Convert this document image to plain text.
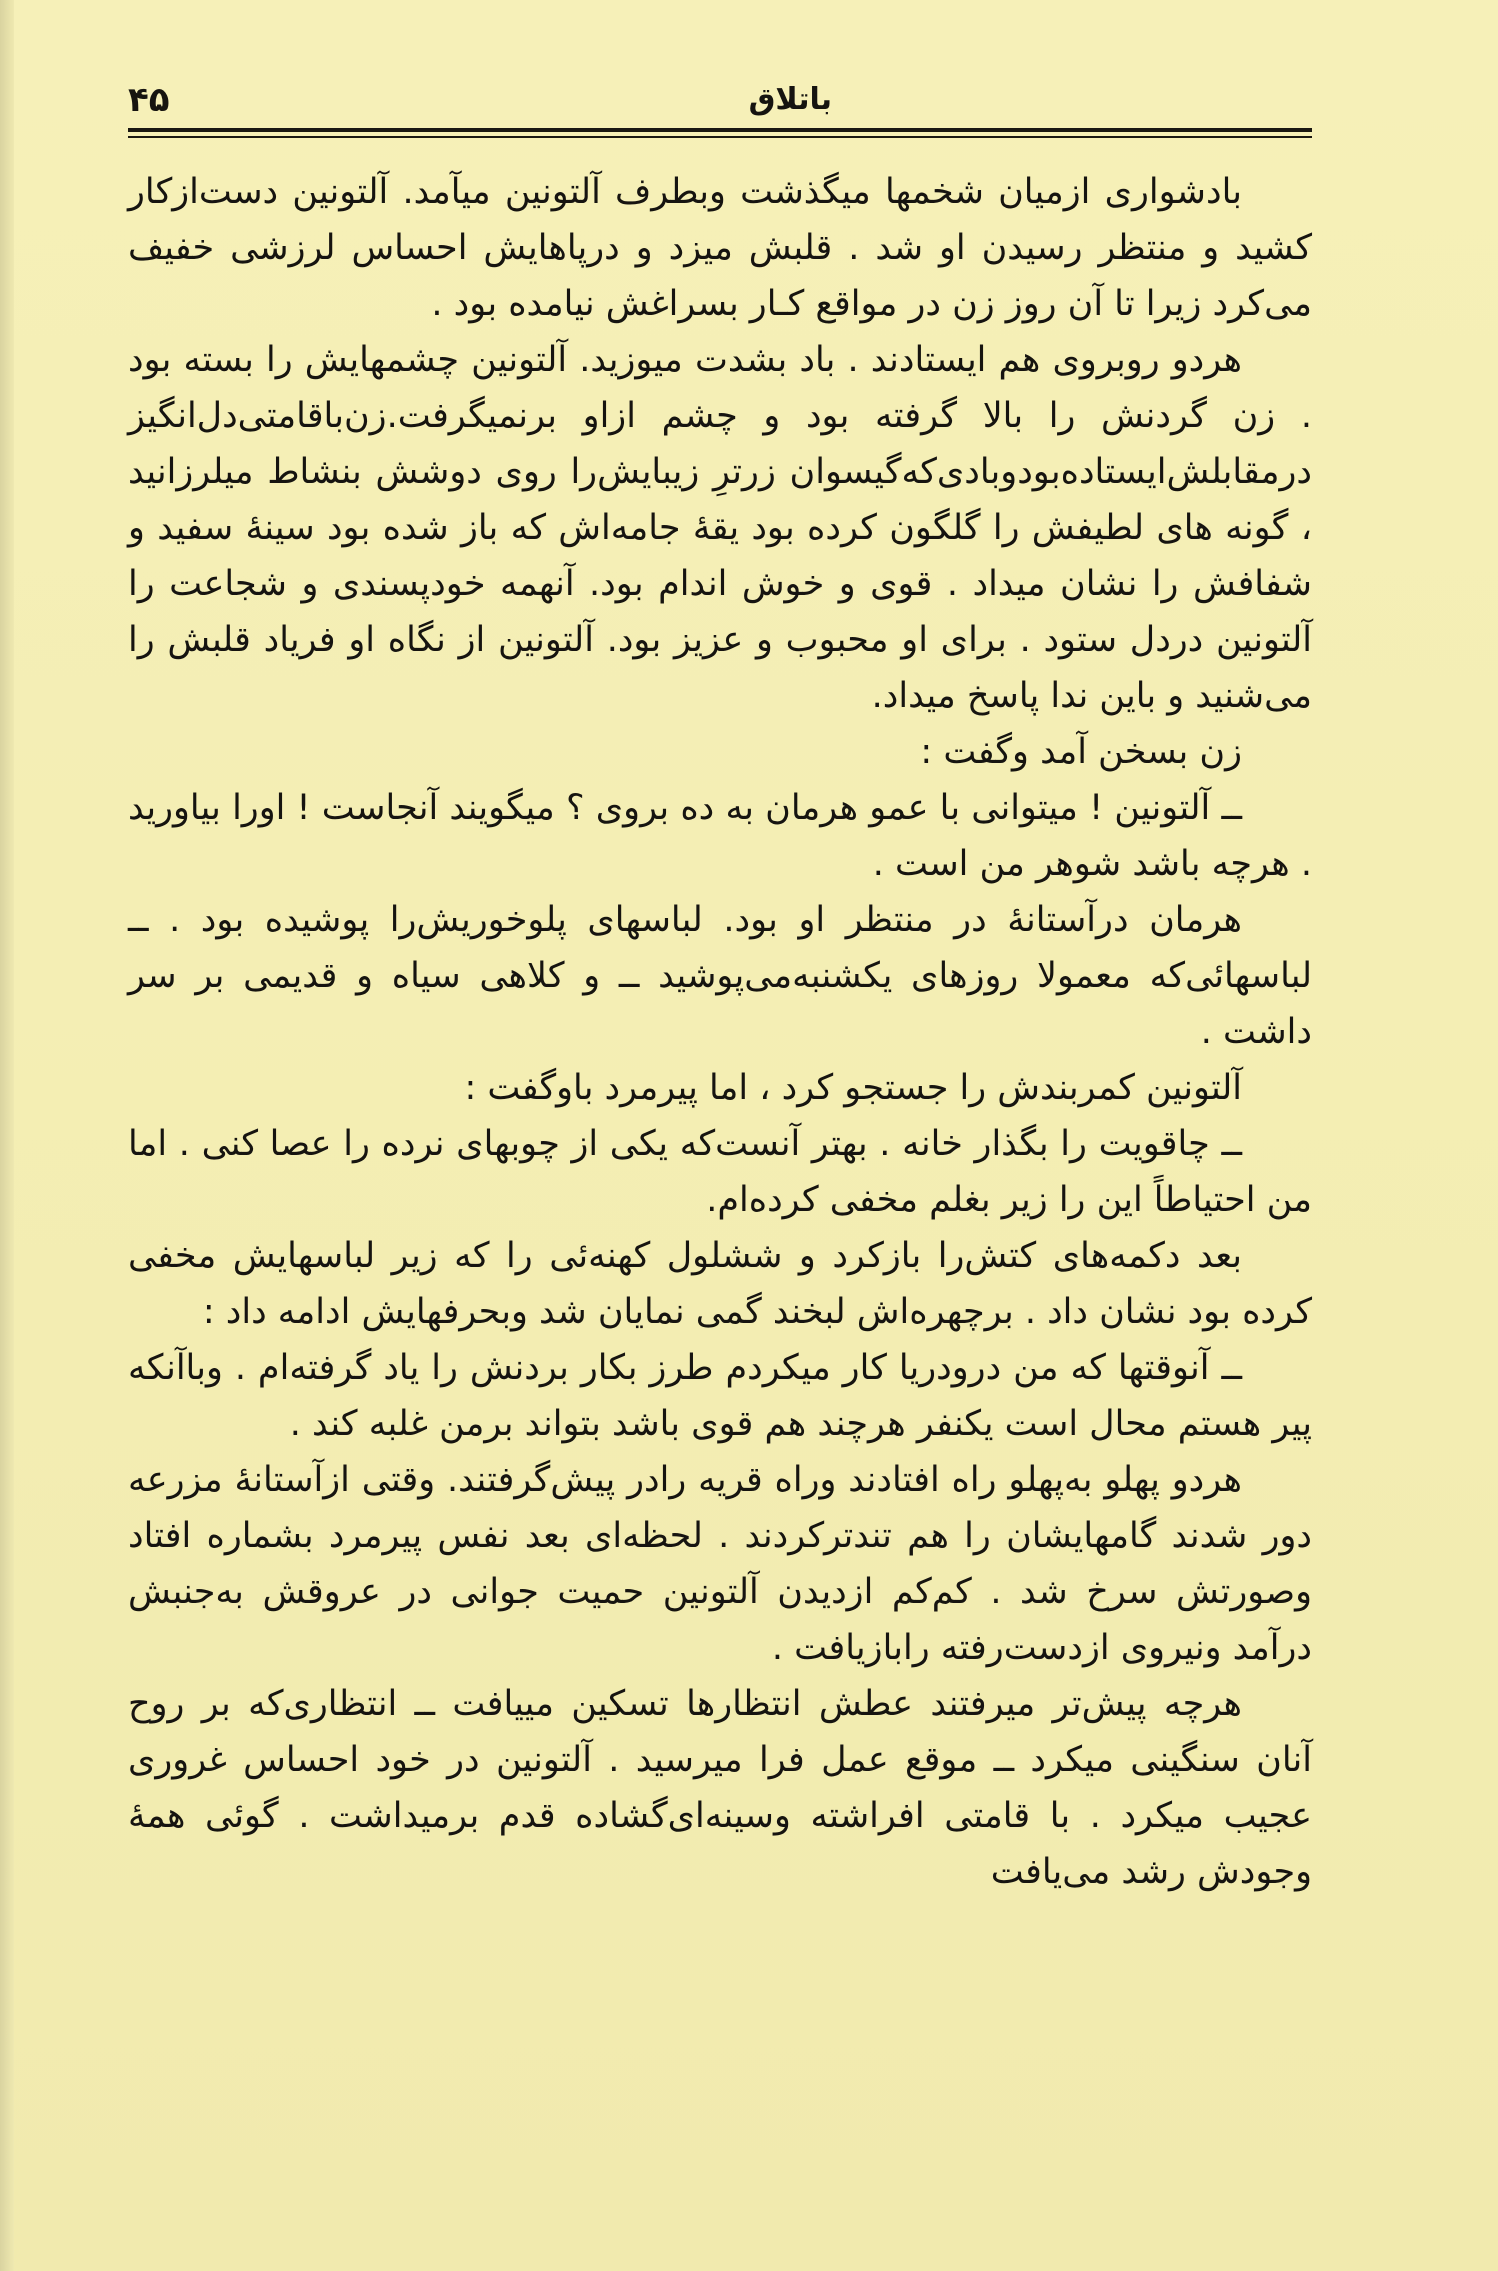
باتلاق
۴۵

بادشواری ازمیان شخمها میگذشت وبطرف آلتونین میآمد. آلتونین دست‌ازکار کشید و منتظر رسیدن او شد . قلبش میزد و درپاهایش احساس لرزشی خفیف می‌کرد زیرا تا آن روز زن در مواقع کـار بسراغش نیامده بود .

هردو روبروی هم ایستادند . باد بشدت میوزید. آلتونین چشمهایش را بسته بود . زن گردنش را بالا گرفته بود و چشم ازاو برنمیگرفت.زن‌باقامتی‌دل‌انگیز درمقابلش‌ایستاده‌بودوبادی‌که‌گیسوان زرترِ زیبایش‌را روی دوشش بنشاط میلرزانید ، گونه های لطیفش را گلگون کرده بود یقهٔ جامه‌اش که باز شده بود سینهٔ سفید و شفافش را نشان میداد . قوی و خوش اندام بود. آنهمه خودپسندی و شجاعت را آلتونین دردل ستود . برای او محبوب و عزیز بود. آلتونین از نگاه او فریاد قلبش را می‌شنید و باین ندا پاسخ میداد.

زن بسخن آمد وگفت :

ــ آلتونین ! میتوانی با عمو هرمان به ده بروی ؟ میگویند آنجاست ! اورا بیاورید . هرچه باشد شوهر من است .

هرمان درآستانهٔ در منتظر او بود. لباسهای پلوخوریش‌را پوشیده بود . ــ لباسهائی‌که معمولا روزهای یکشنبه‌می‌پوشید ــ و کلاهی سیاه و قدیمی بر سر داشت .

آلتونین کمربندش را جستجو کرد ، اما پیرمرد باوگفت :

ــ چاقویت را بگذار خانه . بهتر آنست‌که یکی از چوبهای نرده را عصا کنی . اما من احتیاطاً این را زیر بغلم مخفی کرده‌ام.

بعد دکمه‌های کتش‌را بازکرد و ششلول کهنه‌ئی را که زیر لباسهایش مخفی کرده بود نشان داد . برچهره‌اش لبخند گمی نمایان شد وبحرفهایش ادامه داد :

ــ آنوقتها که من درودریا کار میکردم طرز بکار بردنش را یاد گرفته‌ام . وباآنکه پیر هستم محال است یکنفر هرچند هم قوی باشد بتواند برمن غلبه کند .

هردو پهلو به‌پهلو راه افتادند وراه قریه رادر پیش‌گرفتند. وقتی ازآستانهٔ مزرعه دور شدند گامهایشان را هم تندترکردند . لحظه‌ای بعد نفس پیرمرد بشماره افتاد وصورتش سرخ شد . کم‌کم ازدیدن آلتونین حمیت جوانی در عروقش به‌جنبش درآمد ونیروی ازدست‌رفته راباز‌یافت .

هرچه پیش‌تر میرفتند عطش انتظارها تسکین مییافت ــ انتظاری‌که بر روح آنان سنگینی میکرد ــ موقع عمل فرا میرسید . آلتونین در خود احساس غروری عجیب میکرد . با قامتی افراشته وسینه‌ای‌گشاده قدم برمیداشت . گوئی همهٔ وجودش رشد می‌یافت
